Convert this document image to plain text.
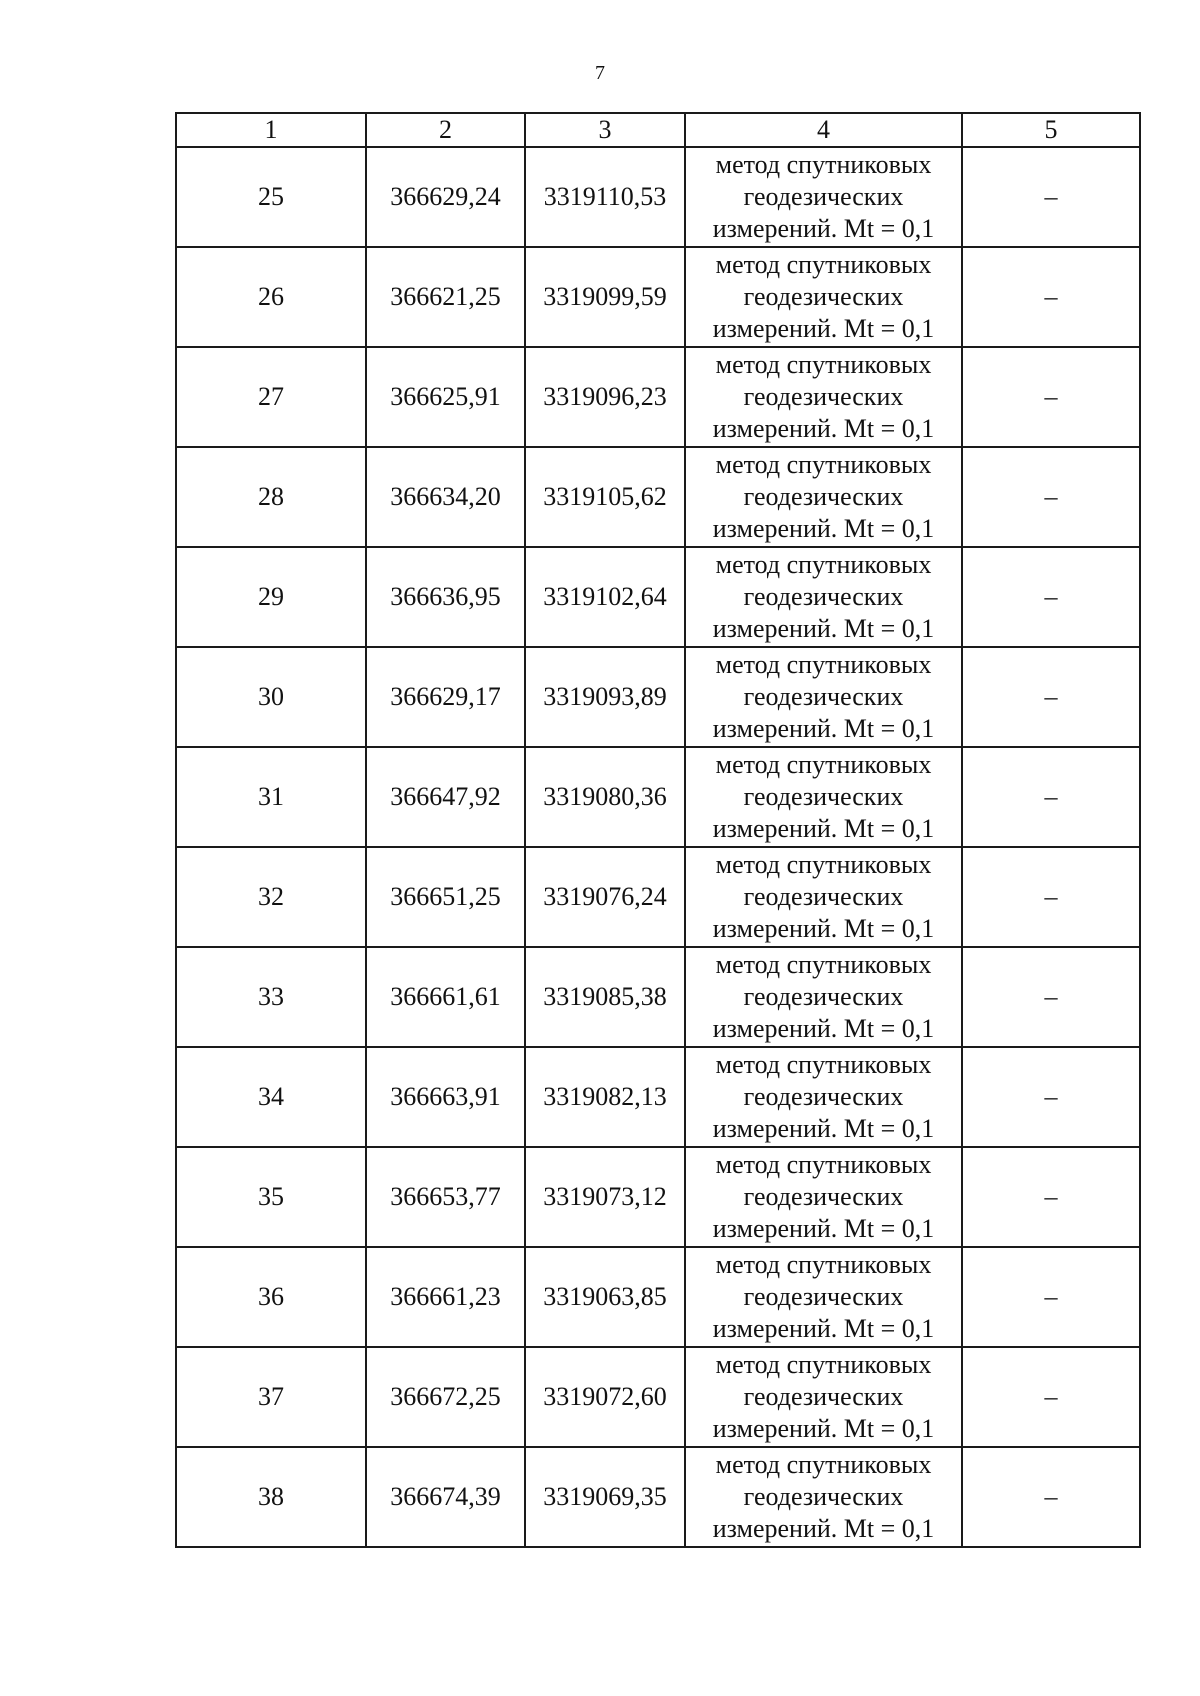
7
1	2	3	4	5
25	366629,24	3319110,53	метод спутниковых
геодезических
измерений. Mt = 0,1	–
26	366621,25	3319099,59	метод спутниковых
геодезических
измерений. Mt = 0,1	–
27	366625,91	3319096,23	метод спутниковых
геодезических
измерений. Mt = 0,1	–
28	366634,20	3319105,62	метод спутниковых
геодезических
измерений. Mt = 0,1	–
29	366636,95	3319102,64	метод спутниковых
геодезических
измерений. Mt = 0,1	–
30	366629,17	3319093,89	метод спутниковых
геодезических
измерений. Mt = 0,1	–
31	366647,92	3319080,36	метод спутниковых
геодезических
измерений. Mt = 0,1	–
32	366651,25	3319076,24	метод спутниковых
геодезических
измерений. Mt = 0,1	–
33	366661,61	3319085,38	метод спутниковых
геодезических
измерений. Mt = 0,1	–
34	366663,91	3319082,13	метод спутниковых
геодезических
измерений. Mt = 0,1	–
35	366653,77	3319073,12	метод спутниковых
геодезических
измерений. Mt = 0,1	–
36	366661,23	3319063,85	метод спутниковых
геодезических
измерений. Mt = 0,1	–
37	366672,25	3319072,60	метод спутниковых
геодезических
измерений. Mt = 0,1	–
38	366674,39	3319069,35	метод спутниковых
геодезических
измерений. Mt = 0,1	–
